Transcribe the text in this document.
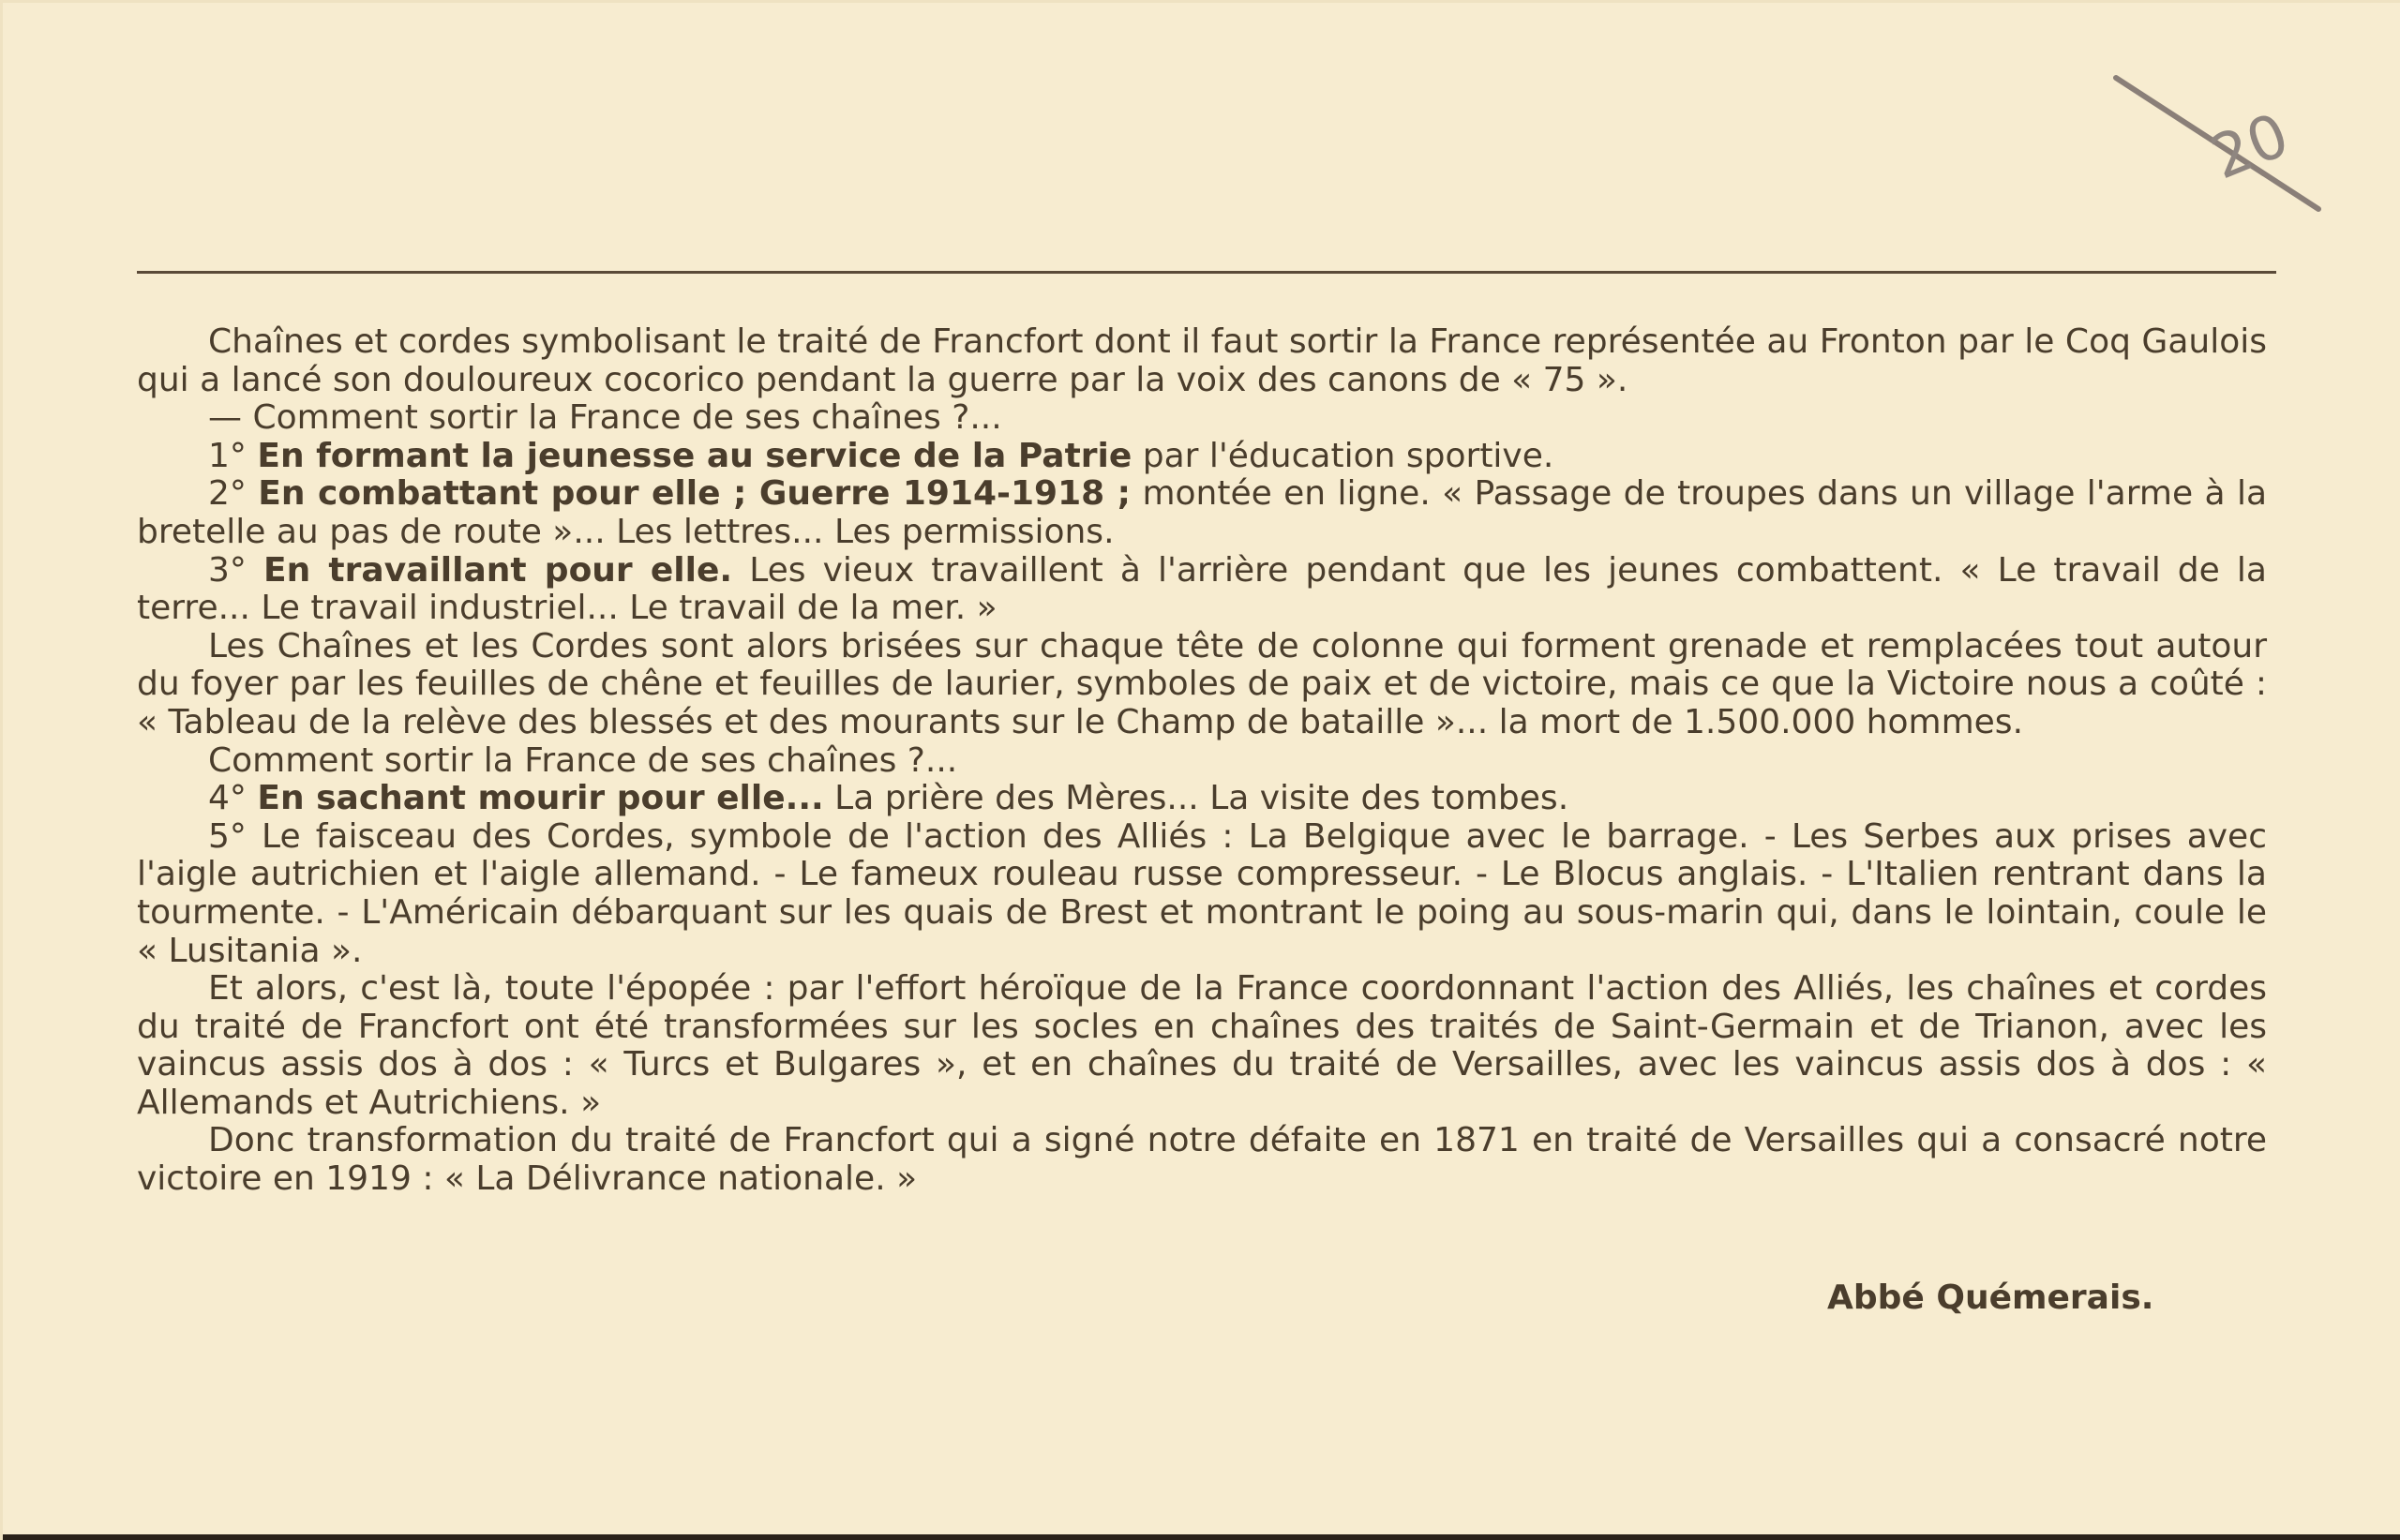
20

Chaînes et cordes symbolisant le traité de Francfort dont il faut sortir la France représentée au Fronton par le Coq Gaulois qui a lancé son douloureux cocorico pendant la guerre par la voix des canons de « 75 ».

— Comment sortir la France de ses chaînes ?...

1° En formant la jeunesse au service de la Patrie par l'éducation sportive.

2° En combattant pour elle ; Guerre 1914-1918 ; montée en ligne. « Passage de troupes dans un village l'arme à la bretelle au pas de route »... Les lettres... Les permissions.

3° En travaillant pour elle. Les vieux travaillent à l'arrière pendant que les jeunes combattent. « Le travail de la terre... Le travail industriel... Le travail de la mer. »

Les Chaînes et les Cordes sont alors brisées sur chaque tête de colonne qui forment grenade et remplacées tout autour du foyer par les feuilles de chêne et feuilles de laurier, symboles de paix et de victoire, mais ce que la Victoire nous a coûté : « Tableau de la relève des blessés et des mourants sur le Champ de bataille »... la mort de 1.500.000 hommes.

Comment sortir la France de ses chaînes ?...

4° En sachant mourir pour elle... La prière des Mères... La visite des tombes.

5° Le faisceau des Cordes, symbole de l'action des Alliés : La Belgique avec le barrage. - Les Serbes aux prises avec l'aigle autrichien et l'aigle allemand. - Le fameux rouleau russe compresseur. - Le Blocus anglais. - L'Italien rentrant dans la tourmente. - L'Américain débarquant sur les quais de Brest et montrant le poing au sous-marin qui, dans le lointain, coule le « Lusitania ».

Et alors, c'est là, toute l'épopée : par l'effort héroïque de la France coordonnant l'action des Alliés, les chaînes et cordes du traité de Francfort ont été transformées sur les socles en chaînes des traités de Saint-Germain et de Trianon, avec les vaincus assis dos à dos : « Turcs et Bulgares », et en chaînes du traité de Versailles, avec les vaincus assis dos à dos : « Allemands et Autrichiens. »

Donc transformation du traité de Francfort qui a signé notre défaite en 1871 en traité de Versailles qui a consacré notre victoire en 1919 : « La Délivrance nationale. »

Abbé Quémerais.
